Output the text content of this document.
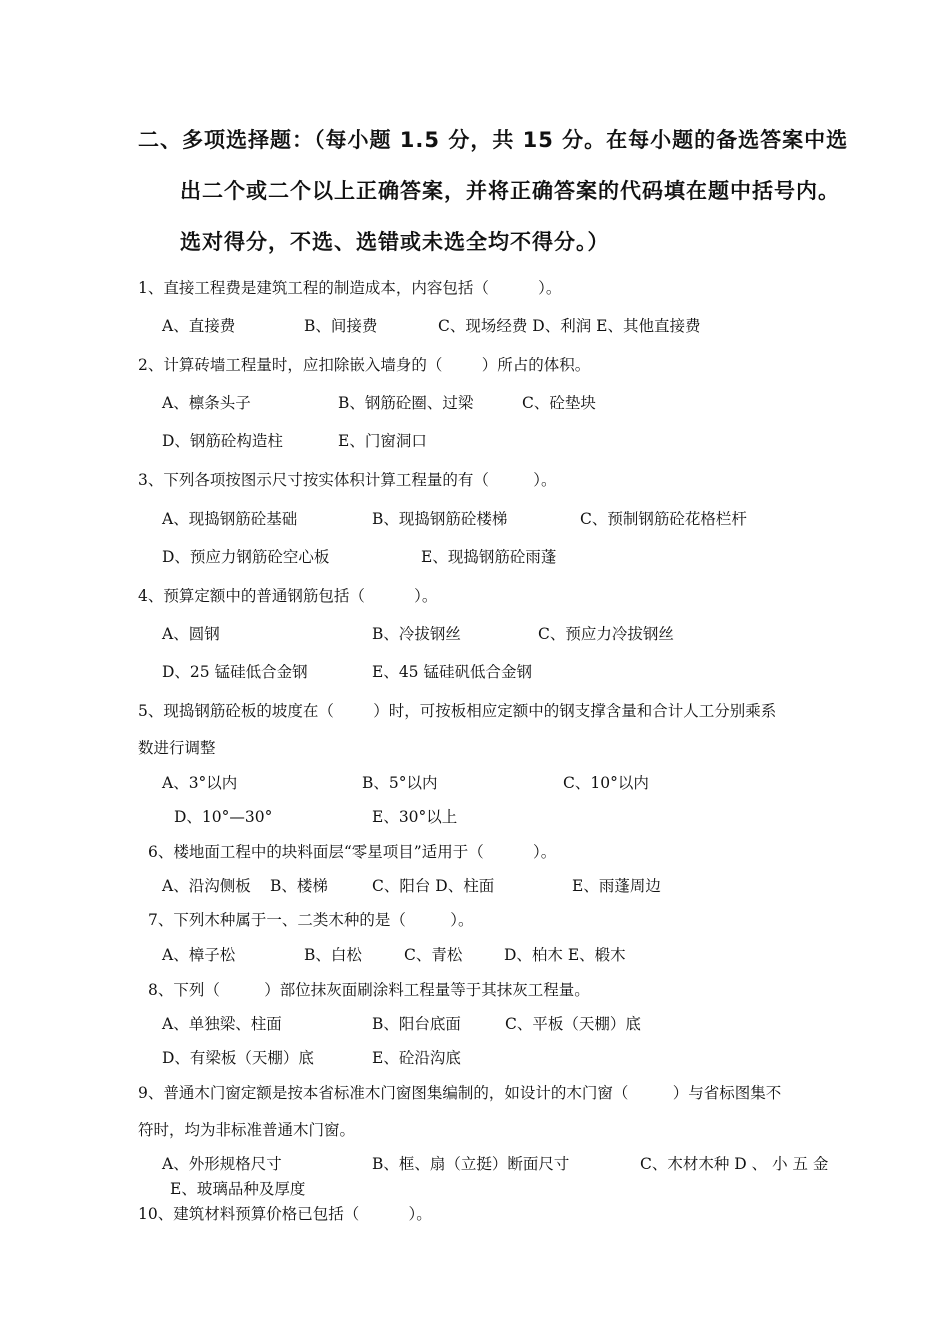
二、多项选择题：（每小题 1.5 分，共 15 分。在每小题的备选答案中选
出二个或二个以上正确答案，并将正确答案的代码填在题中括号内。
选对得分，不选、选错或未选全均不得分。）
1、直接工程费是建筑工程的制造成本，内容包括（          ）。
A、直接费	B、间接费	C、现场经费 D、利润 E、其他直接费
2、计算砖墙工程量时，应扣除嵌入墙身的（        ）所占的体积。
A、檩条头子	B、钢筋砼圈、过梁	C、砼垫块
D、钢筋砼构造柱	E、门窗洞口
3、下列各项按图示尺寸按实体积计算工程量的有（         ）。
A、现捣钢筋砼基础	B、现捣钢筋砼楼梯	C、预制钢筋砼花格栏杆
D、预应力钢筋砼空心板	E、现捣钢筋砼雨蓬
4、预算定额中的普通钢筋包括（          ）。
A、圆钢	B、冷拔钢丝	C、预应力冷拔钢丝
D、25 锰硅低合金钢	E、45 锰硅矾低合金钢
5、现捣钢筋砼板的坡度在（        ）时，可按板相应定额中的钢支撑含量和合计人工分别乘系
数进行调整
A、3°以内	B、5°以内	C、10°以内
D、10°—30°	E、30°以上
6、楼地面工程中的块料面层“零星项目”适用于（          ）。
A、沿沟侧板 B、楼梯	C、阳台 D、柱面	E、雨蓬周边
7、下列木种属于一、二类木种的是（         ）。
A、樟子松	B、白松	C、青松	D、柏木 E、椴木
8、下列（         ）部位抹灰面刷涂料工程量等于其抹灰工程量。
A、单独梁、柱面	B、阳台底面	C、平板（天棚）底
D、有梁板（天棚）底	E、砼沿沟底
9、普通木门窗定额是按本省标准木门窗图集编制的，如设计的木门窗（         ）与省标图集不
符时，均为非标准普通木门窗。
A、外形规格尺寸	B、框、扇（立挺）断面尺寸	C、木材木种 D 、 小 五 金
E、玻璃品种及厚度
10、建筑材料预算价格已包括（          ）。
